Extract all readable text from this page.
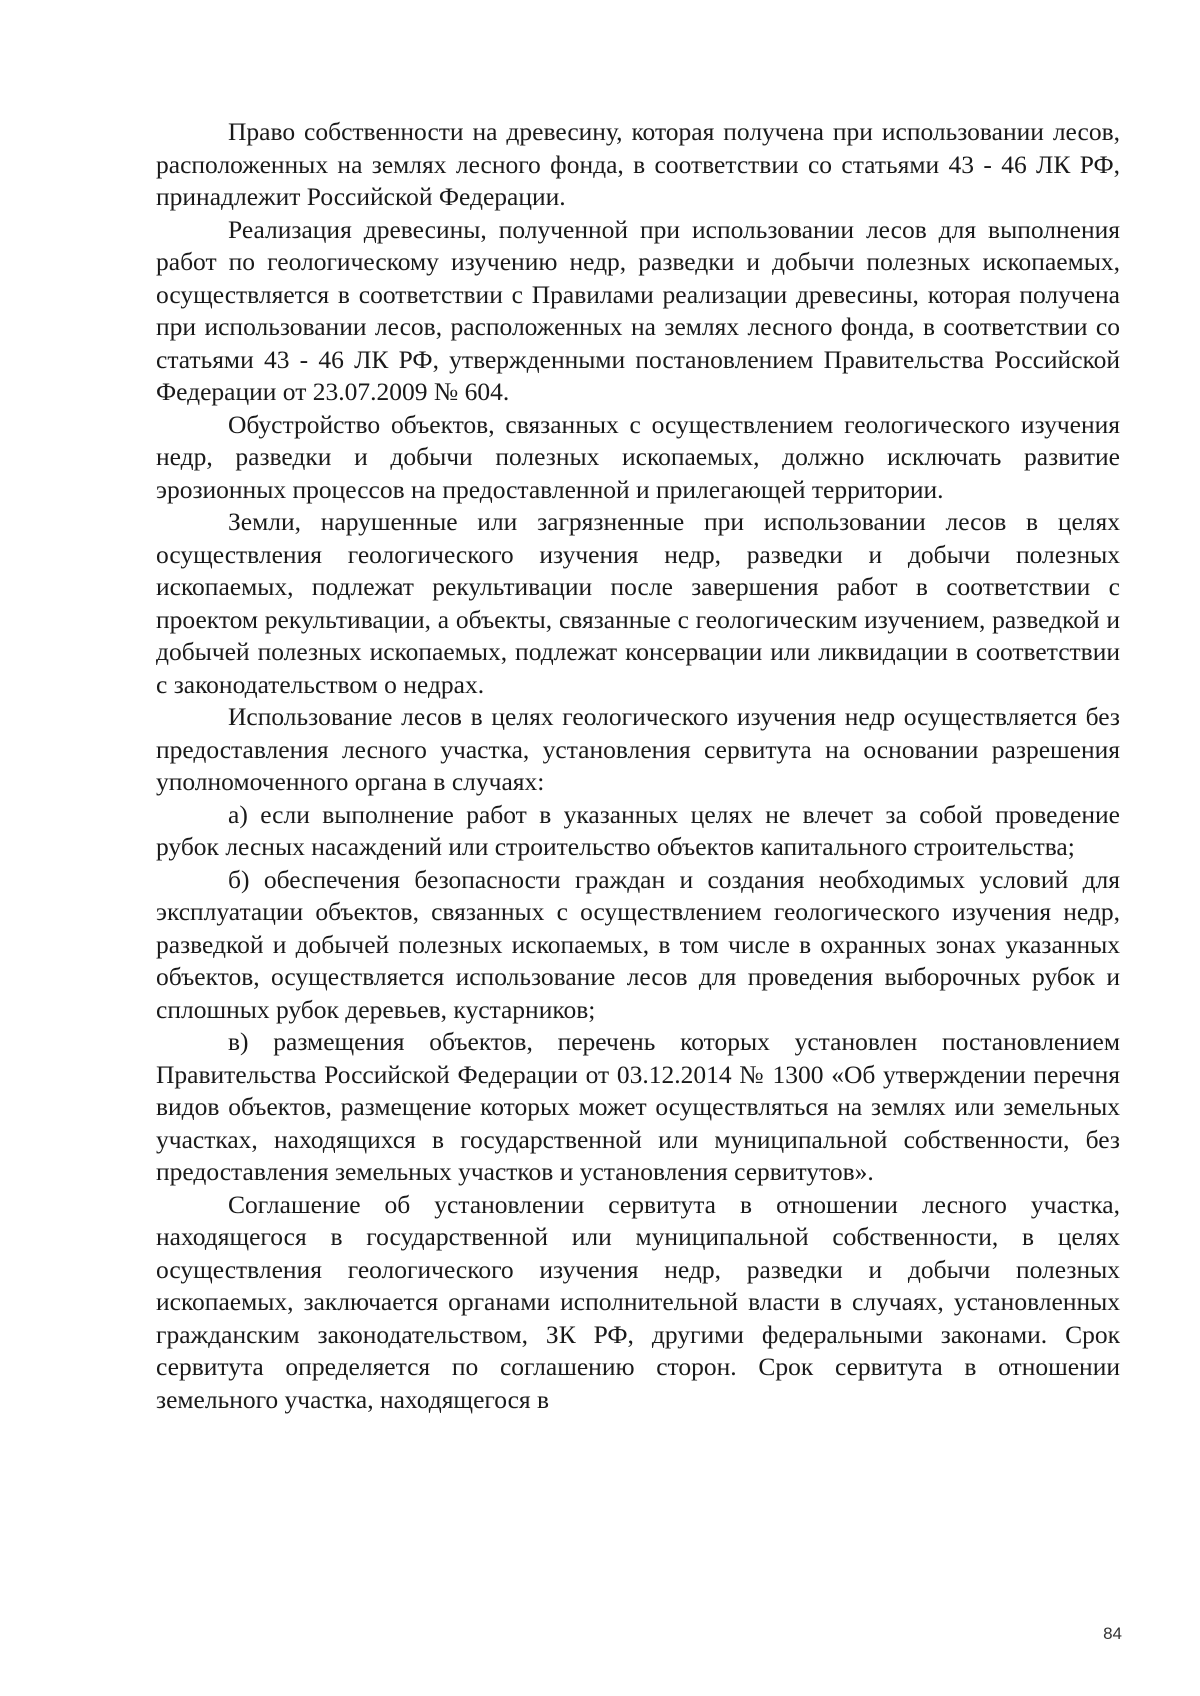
Право собственности на древесину, которая получена при использовании лесов, расположенных на землях лесного фонда, в соответствии со статьями 43 - 46 ЛК РФ, принадлежит Российской Федерации.

Реализация древесины, полученной при использовании лесов для выполнения работ по геологическому изучению недр, разведки и добычи полезных ископаемых, осуществляется в соответствии с Правилами реализации древесины, которая получена при использовании лесов, расположенных на землях лесного фонда, в соответствии со статьями 43 - 46 ЛК РФ, утвержденными постановлением Правительства Российской Федерации от 23.07.2009 № 604.

Обустройство объектов, связанных с осуществлением геологического изучения недр, разведки и добычи полезных ископаемых, должно исключать развитие эрозионных процессов на предоставленной и прилегающей территории.

Земли, нарушенные или загрязненные при использовании лесов в целях осуществления геологического изучения недр, разведки и добычи полезных ископаемых, подлежат рекультивации после завершения работ в соответствии с проектом рекультивации, а объекты, связанные с геологическим изучением, разведкой и добычей полезных ископаемых, подлежат консервации или ликвидации в соответствии с законодательством о недрах.

Использование лесов в целях геологического изучения недр осуществляется без предоставления лесного участка, установления сервитута на основании разрешения уполномоченного органа в случаях:

а) если выполнение работ в указанных целях не влечет за собой проведение рубок лесных насаждений или строительство объектов капитального строительства;

б) обеспечения безопасности граждан и создания необходимых условий для эксплуатации объектов, связанных с осуществлением геологического изучения недр, разведкой и добычей полезных ископаемых, в том числе в охранных зонах указанных объектов, осуществляется использование лесов для проведения выборочных рубок и сплошных рубок деревьев, кустарников;

в) размещения объектов, перечень которых установлен постановлением Правительства Российской Федерации от 03.12.2014 № 1300 «Об утверждении перечня видов объектов, размещение которых может осуществляться на землях или земельных участках, находящихся в государственной или муниципальной собственности, без предоставления земельных участков и установления сервитутов».

Соглашение об установлении сервитута в отношении лесного участка, находящегося в государственной или муниципальной собственности, в целях осуществления геологического изучения недр, разведки и добычи полезных ископаемых, заключается органами исполнительной власти в случаях, установленных гражданским законодательством, ЗК РФ, другими федеральными законами. Срок сервитута определяется по соглашению сторон. Срок сервитута в отношении земельного участка, находящегося в

84
